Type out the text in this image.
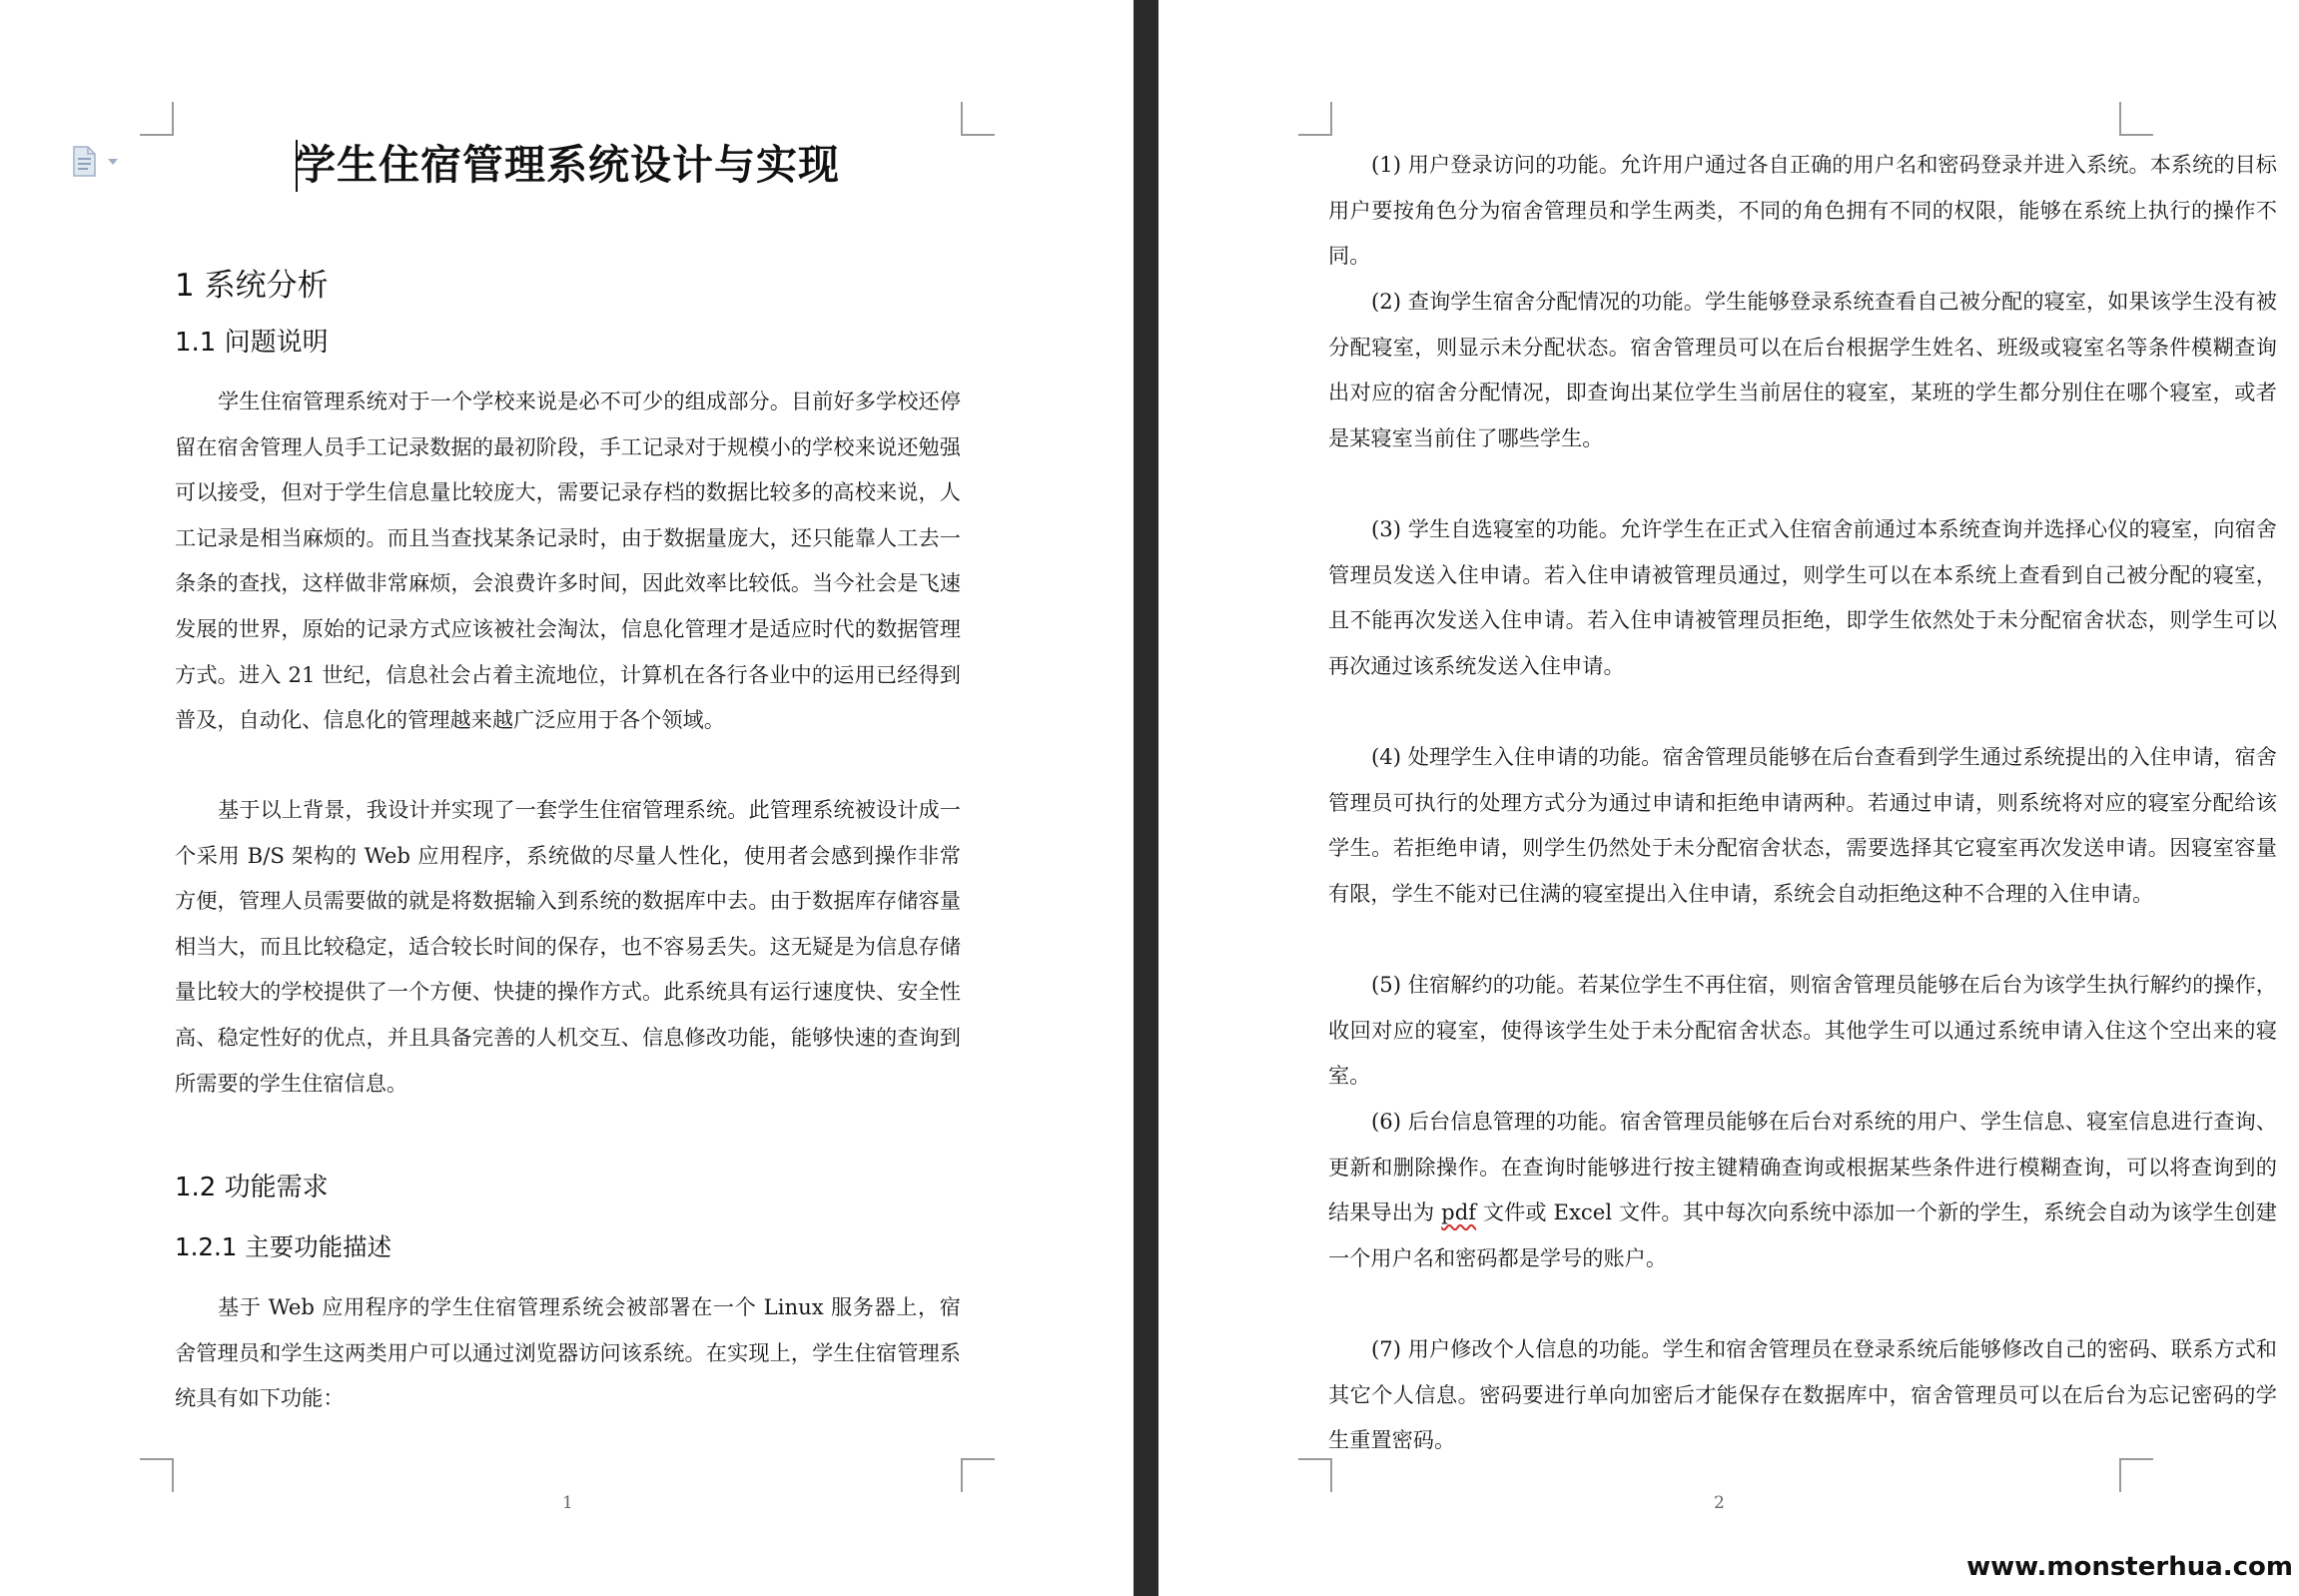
学生住宿管理系统设计与实现
1 系统分析
1.1 问题说明

学生住宿管理系统对于一个学校来说是必不可少的组成部分。目前好多学校还停留在宿舍管理人员手工记录数据的最初阶段，手工记录对于规模小的学校来说还勉强可以接受，但对于学生信息量比较庞大，需要记录存档的数据比较多的高校来说，人工记录是相当麻烦的。而且当查找某条记录时，由于数据量庞大，还只能靠人工去一条条的查找，这样做非常麻烦，会浪费许多时间，因此效率比较低。当今社会是飞速发展的世界，原始的记录方式应该被社会淘汰，信息化管理才是适应时代的数据管理方式。进入 21 世纪，信息社会占着主流地位，计算机在各行各业中的运用已经得到普及，自动化、信息化的管理越来越广泛应用于各个领域。

基于以上背景，我设计并实现了一套学生住宿管理系统。此管理系统被设计成一个采用 B/S 架构的 Web 应用程序，系统做的尽量人性化，使用者会感到操作非常方便，管理人员需要做的就是将数据输入到系统的数据库中去。由于数据库存储容量相当大，而且比较稳定，适合较长时间的保存，也不容易丢失。这无疑是为信息存储量比较大的学校提供了一个方便、快捷的操作方式。此系统具有运行速度快、安全性高、稳定性好的优点，并且具备完善的人机交互、信息修改功能，能够快速的查询到所需要的学生住宿信息。

1.2 功能需求
1.2.1 主要功能描述

基于 Web 应用程序的学生住宿管理系统会被部署在一个 Linux 服务器上，宿舍管理员和学生这两类用户可以通过浏览器访问该系统。在实现上，学生住宿管理系统具有如下功能：

1

(1) 用户登录访问的功能。允许用户通过各自正确的用户名和密码登录并进入系统。本系统的目标用户要按角色分为宿舍管理员和学生两类，不同的角色拥有不同的权限，能够在系统上执行的操作不同。

(2) 查询学生宿舍分配情况的功能。学生能够登录系统查看自己被分配的寝室，如果该学生没有被分配寝室，则显示未分配状态。宿舍管理员可以在后台根据学生姓名、班级或寝室名等条件模糊查询出对应的宿舍分配情况，即查询出某位学生当前居住的寝室，某班的学生都分别住在哪个寝室，或者是某寝室当前住了哪些学生。

(3) 学生自选寝室的功能。允许学生在正式入住宿舍前通过本系统查询并选择心仪的寝室，向宿舍管理员发送入住申请。若入住申请被管理员通过，则学生可以在本系统上查看到自己被分配的寝室，且不能再次发送入住申请。若入住申请被管理员拒绝，即学生依然处于未分配宿舍状态，则学生可以再次通过该系统发送入住申请。

(4) 处理学生入住申请的功能。宿舍管理员能够在后台查看到学生通过系统提出的入住申请，宿舍管理员可执行的处理方式分为通过申请和拒绝申请两种。若通过申请，则系统将对应的寝室分配给该学生。若拒绝申请，则学生仍然处于未分配宿舍状态，需要选择其它寝室再次发送申请。因寝室容量有限，学生不能对已住满的寝室提出入住申请，系统会自动拒绝这种不合理的入住申请。

(5) 住宿解约的功能。若某位学生不再住宿，则宿舍管理员能够在后台为该学生执行解约的操作，收回对应的寝室，使得该学生处于未分配宿舍状态。其他学生可以通过系统申请入住这个空出来的寝室。

(6) 后台信息管理的功能。宿舍管理员能够在后台对系统的用户、学生信息、寝室信息进行查询、更新和删除操作。在查询时能够进行按主键精确查询或根据某些条件进行模糊查询，可以将查询到的结果导出为 pdf 文件或 Excel 文件。其中每次向系统中添加一个新的学生，系统会自动为该学生创建一个用户名和密码都是学号的账户。

(7) 用户修改个人信息的功能。学生和宿舍管理员在登录系统后能够修改自己的密码、联系方式和其它个人信息。密码要进行单向加密后才能保存在数据库中，宿舍管理员可以在后台为忘记密码的学生重置密码。

2
www.monsterhua.com
